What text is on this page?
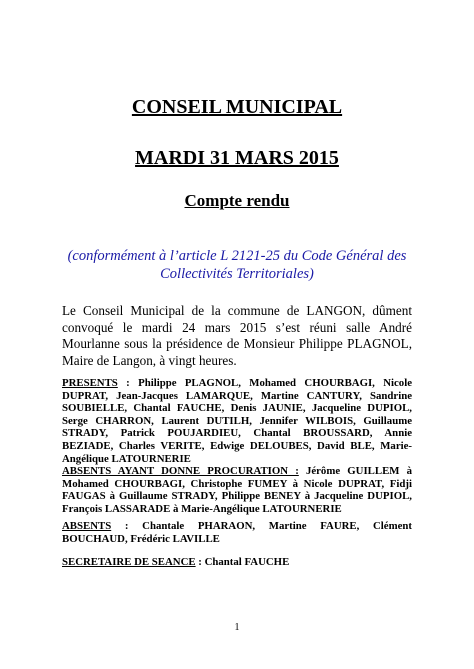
CONSEIL MUNICIPAL
MARDI 31 MARS 2015
Compte rendu
(conformément à l’article L 2121-25 du Code Général des
Collectivités Territoriales)
Le Conseil Municipal de la commune de LANGON, dûment convoqué le mardi 24 mars 2015 s’est réuni salle André Mourlanne sous la présidence de Monsieur Philippe PLAGNOL, Maire de Langon, à vingt heures.
PRESENTS : Philippe PLAGNOL, Mohamed CHOURBAGI, Nicole DUPRAT, Jean-Jacques LAMARQUE, Martine CANTURY, Sandrine SOUBIELLE, Chantal FAUCHE, Denis JAUNIE, Jacqueline DUPIOL, Serge CHARRON, Laurent DUTILH, Jennifer WILBOIS, Guillaume STRADY, Patrick POUJARDIEU, Chantal BROUSSARD, Annie BEZIADE, Charles VERITE, Edwige DELOUBES, David BLE, Marie-Angélique LATOURNERIE
ABSENTS AYANT DONNE PROCURATION : Jérôme GUILLEM à Mohamed CHOURBAGI, Christophe FUMEY à Nicole DUPRAT, Fidji FAUGAS à Guillaume STRADY, Philippe BENEY à Jacqueline DUPIOL, François LASSARADE à Marie-Angélique LATOURNERIE
ABSENTS : Chantale PHARAON, Martine FAURE, Clément BOUCHAUD, Frédéric LAVILLE
SECRETAIRE DE SEANCE : Chantal FAUCHE
1
